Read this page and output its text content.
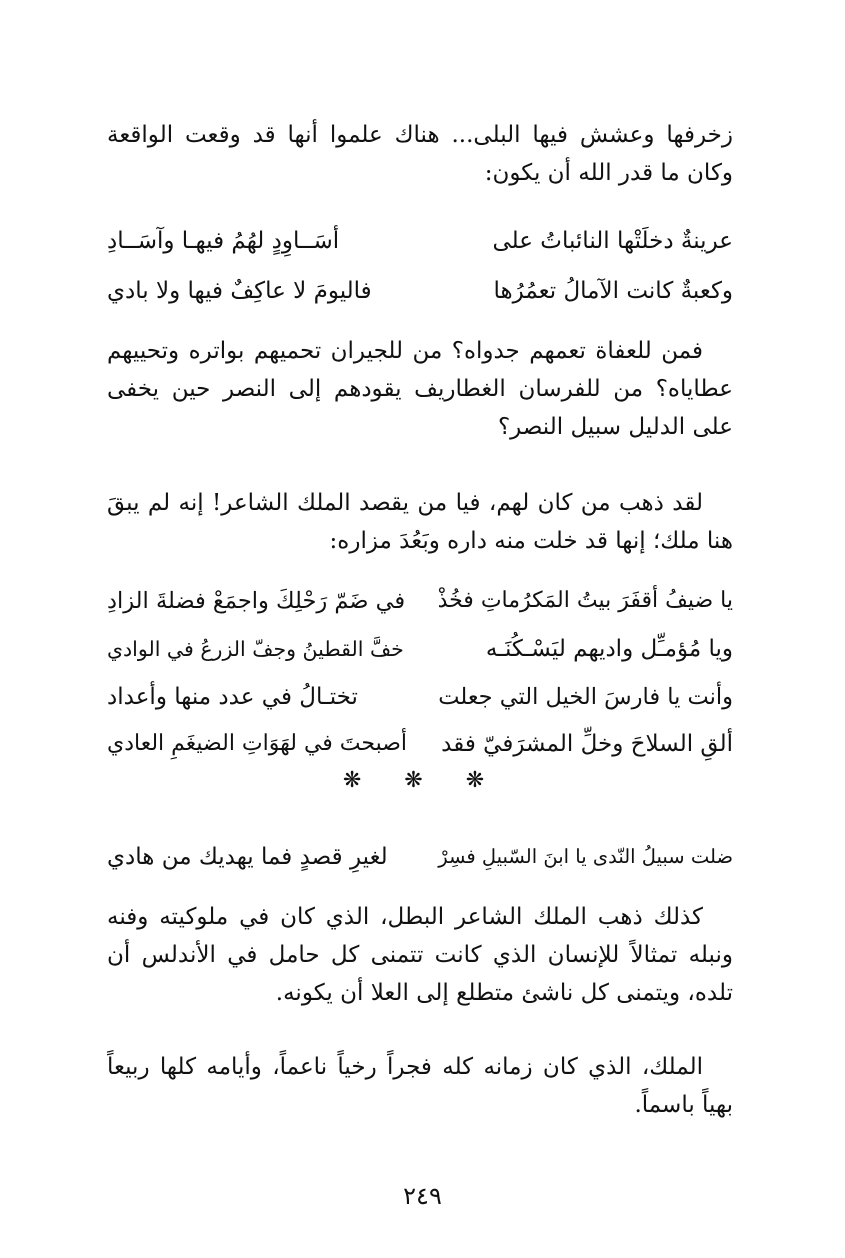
زخرفها وعشش فيها البلى... هناك علموا أنها قد وقعت الواقعة وكان ما قدر الله أن يكون:

عرينةٌ دخلَتْها النائباتُ على
أسَــاوِدٍ لهُمُ فيهـا وآسَــادِ
وكعبةٌ كانت الآمالُ تعمُرُها
فاليومَ لا عاكِفٌ فيها ولا بادي

فمن للعفاة تعمهم جدواه؟ من للجيران تحميهم بواتره وتحييهم عطاياه؟ من للفرسان الغطاريف يقودهم إلى النصر حين يخفى على الدليل سبيل النصر؟

لقد ذهب من كان لهم، فيا من يقصد الملك الشاعر! إنه لم يبقَ هنا ملك؛ إنها قد خلت منه داره وبَعُدَ مزاره:

يا ضيفُ أقفَرَ بيتُ المَكرُماتِ فخُذْ
في ضَمّ رَحْلِكَ واجمَعْ فضلةَ الزادِ
ويا مُؤمـِّل واديهم ليَسْـكُنَـه
خفَّ القطينُ وجفّ الزرعُ في الوادي
وأنت يا فارسَ الخيل التي جعلت
تختـالُ في عدد منها وأعداد
ألقِ السلاحَ وخلِّ المشرَفيّ فقد
أصبحتَ في لهَوَاتِ الضيغَمِ العادي
❋ ❋ ❋
ضلت سبيلُ النّدى يا ابنَ السّبيلِ فسِرْ
لغيرِ قصدٍ فما يهديك من هادي

كذلك ذهب الملك الشاعر البطل، الذي كان في ملوكيته وفنه ونبله تمثالاً للإنسان الذي كانت تتمنى كل حامل في الأندلس أن تلده، ويتمنى كل ناشئ متطلع إلى العلا أن يكونه.

الملك، الذي كان زمانه كله فجراً رخياً ناعماً، وأيامه كلها ربيعاً بهياً باسماً.

٢٤٩
